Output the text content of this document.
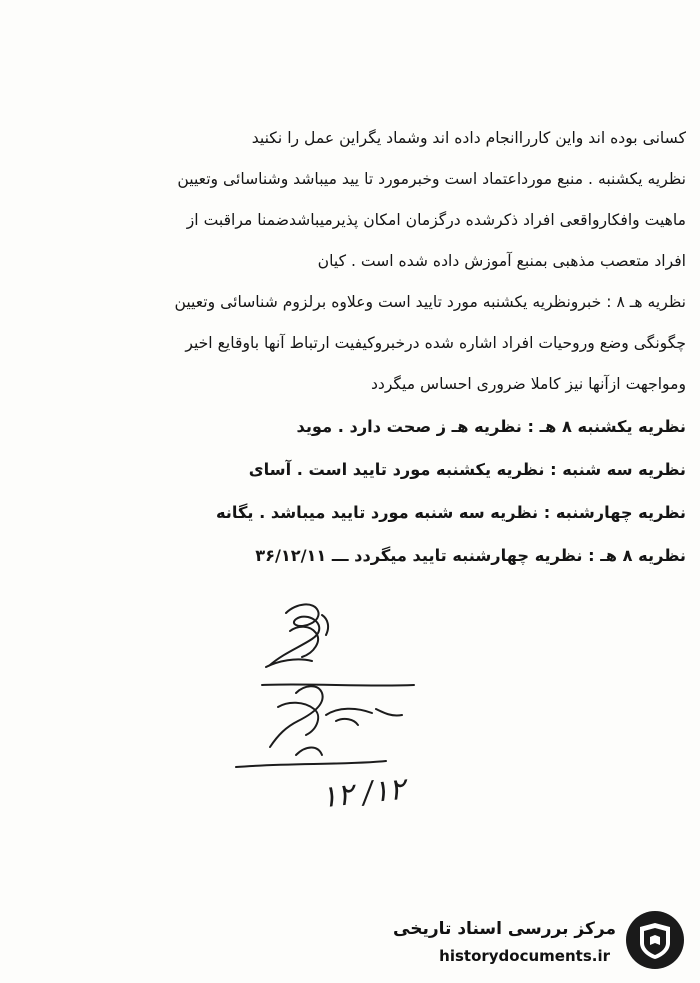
کسانی بوده اند واین کارراانجام داده اند وشماد یگراین عمل را نکنید
نظریه یکشنبه . منبع مورداعتماد است وخبرمورد تا یید میباشد وشناسائی وتعیین
ماهیت وافکارواقعی افراد ذکرشده درگزمان امکان پذیرمیباشدضمنا مراقبت از
افراد متعصب مذهبی بمنبع آموزش داده شده است . کیان
نظریه هـ ۸ : خبرونظریه یکشنبه مورد تایید است وعلاوه برلزوم شناسائی وتعیین
چگونگی وضع وروحیات افراد اشاره شده درخبروکیفیت ارتباط آنها باوقایع اخیر
ومواجهت ازآنها نیز کاملا ضروری احساس میگردد
نظریه یکشنبه ۸ هـ : نظریه هـ ز صحت دارد . موید
نظریه سه شنبه : نظریه یکشنبه مورد تایید است . آسای
نظریه چهارشنبه : نظریه سه شنبه مورد تایید میباشد . یگانه
نظریه ۸ هـ : نظریه چهارشنبه تایید میگردد ـــ ۳۶/۱۲/۱۱
۱۲/ ۱۲
مرکز بررسی اسناد تاریخی
historydocuments.ir
